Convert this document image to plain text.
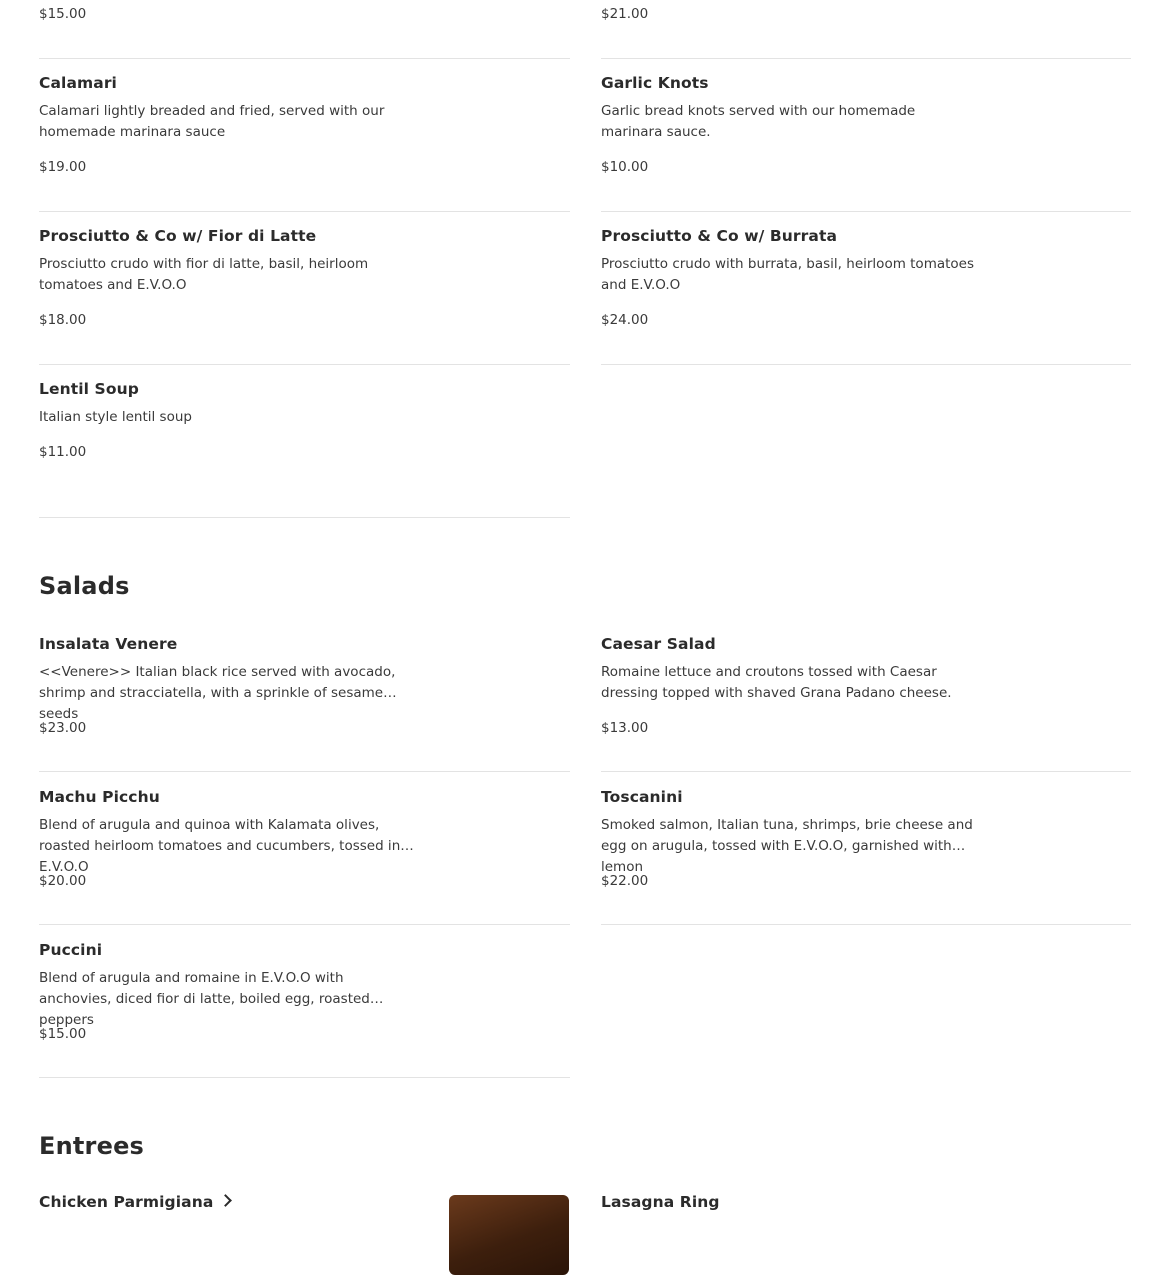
$15.00
Calamari
Calamari lightly breaded and fried, served with our homemade marinara sauce
$19.00
Prosciutto & Co w/ Fior di Latte
Prosciutto crudo with fior di latte, basil, heirloom tomatoes and E.V.O.O
$18.00
Lentil Soup
Italian style lentil soup
$11.00
Insalata Venere
<<Venere>> Italian black rice served with avocado, shrimp and stracciatella, with a sprinkle of sesame seeds
$23.00
Machu Picchu
Blend of arugula and quinoa with Kalamata olives, roasted heirloom tomatoes and cucumbers, tossed in E.V.O.O
$20.00
Puccini
Blend of arugula and romaine in E.V.O.O with anchovies, diced fior di latte, boiled egg, roasted peppers
$15.00
Chicken Parmigiana
$21.00
Garlic Knots
Garlic bread knots served with our homemade marinara sauce.
$10.00
Prosciutto & Co w/ Burrata
Prosciutto crudo with burrata, basil, heirloom tomatoes and E.V.O.O
$24.00
Caesar Salad
Romaine lettuce and croutons tossed with Caesar dressing topped with shaved Grana Padano cheese.
$13.00
Toscanini
Smoked salmon, Italian tuna, shrimps, brie cheese and egg on arugula, tossed with E.V.O.O, garnished with lemon
$22.00
Lasagna Ring
Salads
Entrees
